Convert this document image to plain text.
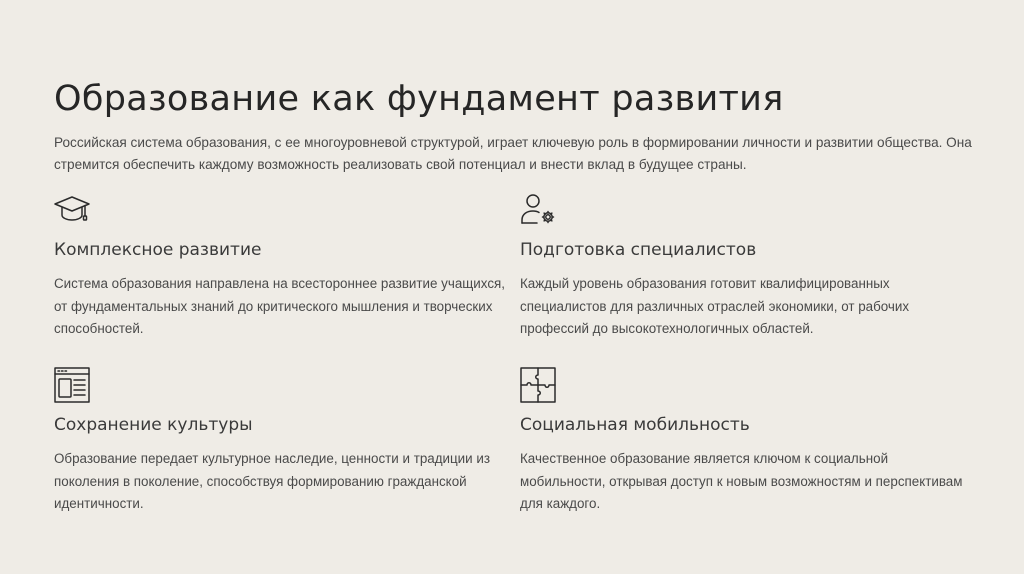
Образование как фундамент развития

Российская система образования, с ее многоуровневой структурой, играет ключевую роль в формировании личности и развитии общества. Она стремится обеспечить каждому возможность реализовать свой потенциал и внести вклад в будущее страны.

Комплексное развитие

Система образования направлена на всестороннее развитие учащихся, от фундаментальных знаний до критического мышления и творческих способностей.

Подготовка специалистов

Каждый уровень образования готовит квалифицированных специалистов для различных отраслей экономики, от рабочих профессий до высокотехнологичных областей.

Сохранение культуры

Образование передает культурное наследие, ценности и традиции из поколения в поколение, способствуя формированию гражданской идентичности.

Социальная мобильность

Качественное образование является ключом к социальной мобильности, открывая доступ к новым возможностям и перспективам для каждого.
